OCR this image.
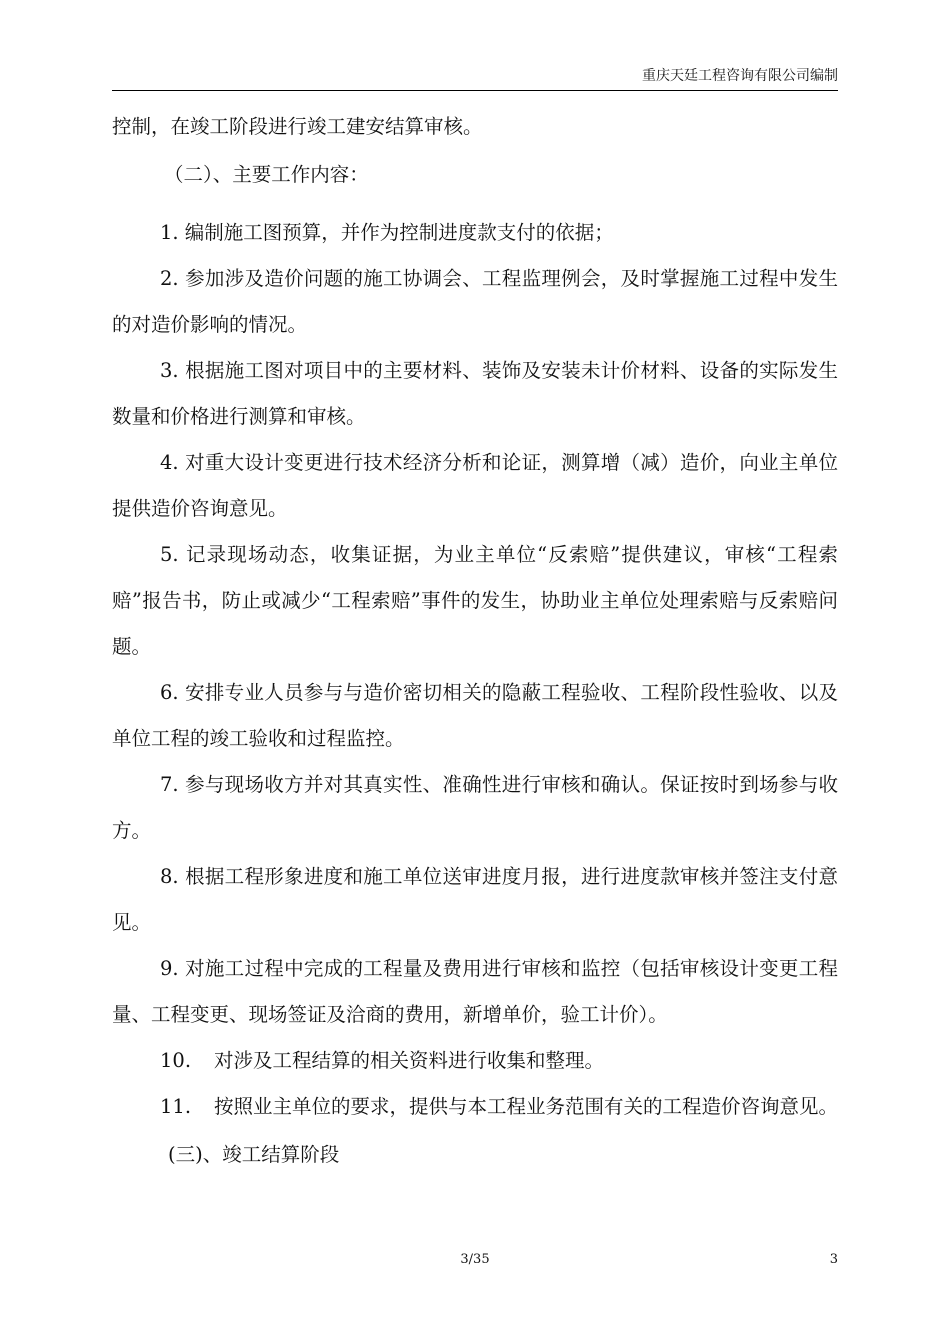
重庆天廷工程咨询有限公司编制

控制，在竣工阶段进行竣工建安结算审核。

（二）、主要工作内容：

1. 编制施工图预算，并作为控制进度款支付的依据；

2. 参加涉及造价问题的施工协调会、工程监理例会，及时掌握施工过程中发生的对造价影响的情况。

3. 根据施工图对项目中的主要材料、装饰及安装未计价材料、设备的实际发生数量和价格进行测算和审核。

4. 对重大设计变更进行技术经济分析和论证，测算增（减）造价，向业主单位提供造价咨询意见。

5. 记录现场动态，收集证据，为业主单位“反索赔”提供建议，审核“工程索赔”报告书，防止或减少“工程索赔”事件的发生，协助业主单位处理索赔与反索赔问题。

6. 安排专业人员参与与造价密切相关的隐蔽工程验收、工程阶段性验收、以及单位工程的竣工验收和过程监控。

7. 参与现场收方并对其真实性、准确性进行审核和确认。保证按时到场参与收方。

8. 根据工程形象进度和施工单位送审进度月报，进行进度款审核并签注支付意见。

9. 对施工过程中完成的工程量及费用进行审核和监控（包括审核设计变更工程量、工程变更、现场签证及洽商的费用，新增单价，验工计价）。

10. 对涉及工程结算的相关资料进行收集和整理。

11. 按照业主单位的要求，提供与本工程业务范围有关的工程造价咨询意见。

(三)、竣工结算阶段

3/35	3
